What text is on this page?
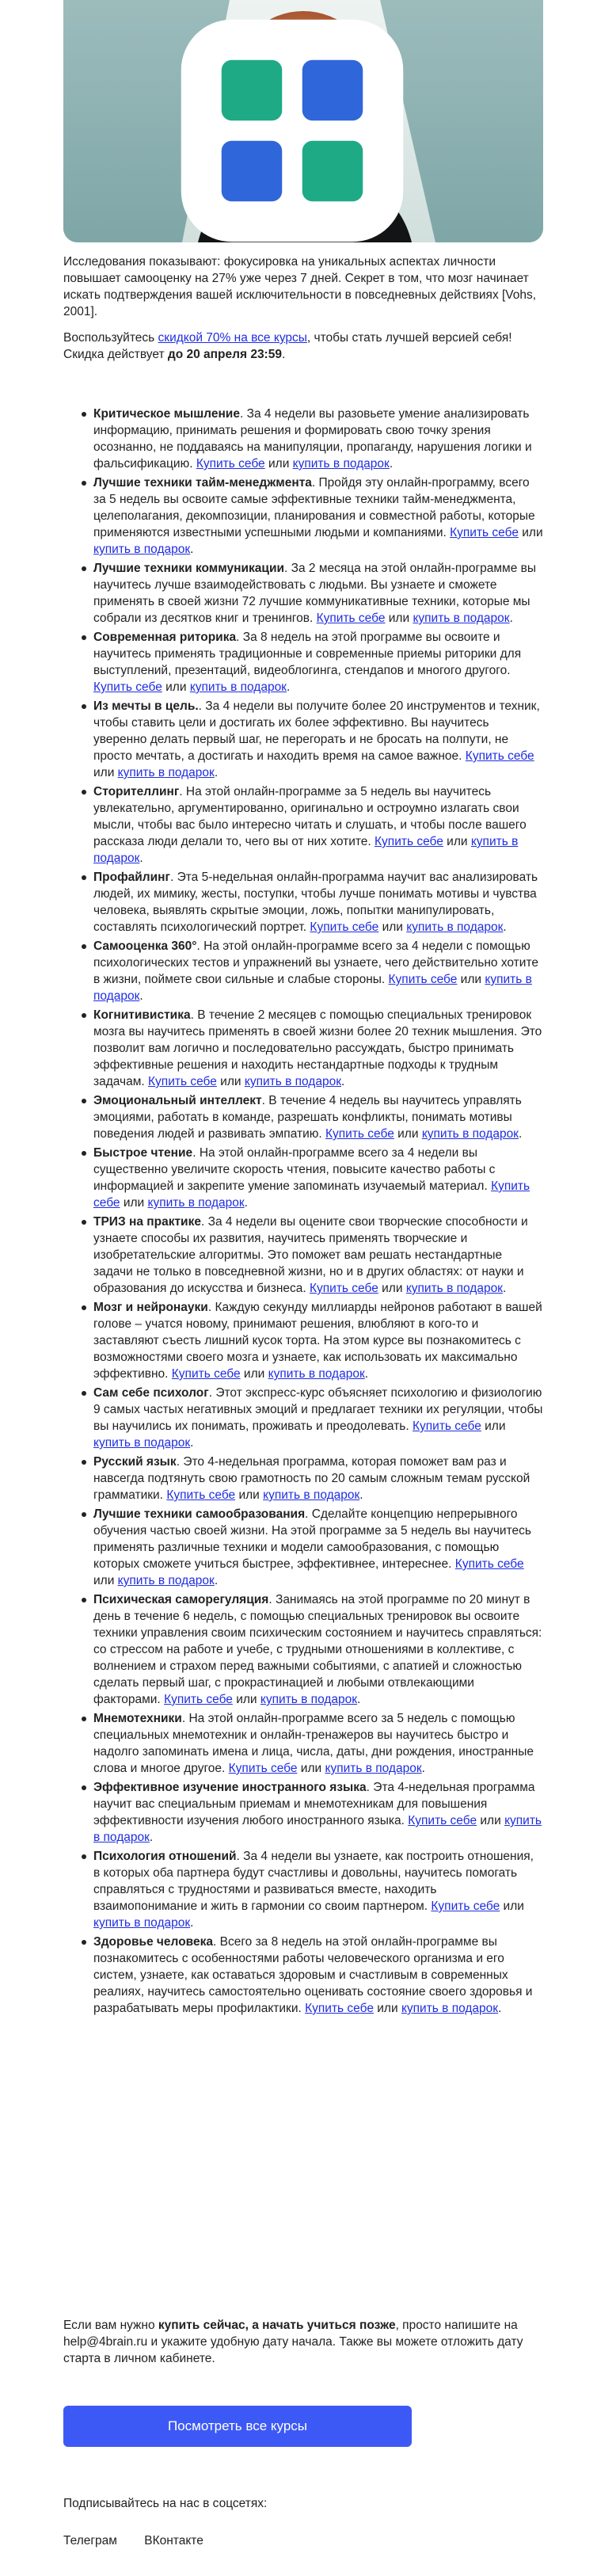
Исследования показывают: фокусировка на уникальных аспектах личности повышает самооценку на 27% уже через 7 дней. Секрет в том, что мозг начинает искать подтверждения вашей исключительности в повседневных действиях [Vohs, 2001].

Воспользуйтесь скидкой 70% на все курсы, чтобы стать лучшей версией себя! Скидка действует до 20 апреля 23:59.

Критическое мышление. За 4 недели вы разовьете умение анализировать информацию, принимать решения и формировать свою точку зрения осознанно, не поддаваясь на манипуляции, пропаганду, нарушения логики и фальсификацию. Купить себе или купить в подарок.
Лучшие техники тайм-менеджмента. Пройдя эту онлайн-программу, всего за 5 недель вы освоите самые эффективные техники тайм-менеджмента, целеполагания, декомпозиции, планирования и совместной работы, которые применяются известными успешными людьми и компаниями. Купить себе или купить в подарок.
Лучшие техники коммуникации. За 2 месяца на этой онлайн-программе вы научитесь лучше взаимодействовать с людьми. Вы узнаете и сможете применять в своей жизни 72 лучшие коммуникативные техники, которые мы собрали из десятков книг и тренингов. Купить себе или купить в подарок.
Современная риторика. За 8 недель на этой программе вы освоите и научитесь применять традиционные и современные приемы риторики для выступлений, презентаций, видеоблогинга, стендапов и многого другого. Купить себе или купить в подарок.
Из мечты в цель.. За 4 недели вы получите более 20 инструментов и техник, чтобы ставить цели и достигать их более эффективно. Вы научитесь уверенно делать первый шаг, не перегорать и не бросать на полпути, не просто мечтать, а достигать и находить время на самое важное. Купить себе или купить в подарок.
Сторителлинг. На этой онлайн-программе за 5 недель вы научитесь увлекательно, аргументированно, оригинально и остроумно излагать свои мысли, чтобы вас было интересно читать и слушать, и чтобы после вашего рассказа люди делали то, чего вы от них хотите. Купить себе или купить в подарок.
Профайлинг. Эта 5-недельная онлайн-программа научит вас анализировать людей, их мимику, жесты, поступки, чтобы лучше понимать мотивы и чувства человека, выявлять скрытые эмоции, ложь, попытки манипулировать, составлять психологический портрет. Купить себе или купить в подарок.
Самооценка 360°. На этой онлайн-программе всего за 4 недели с помощью психологических тестов и упражнений вы узнаете, чего действительно хотите в жизни, поймете свои сильные и слабые стороны. Купить себе или купить в подарок.
Когнитивистика. В течение 2 месяцев с помощью специальных тренировок мозга вы научитесь применять в своей жизни более 20 техник мышления. Это позволит вам логично и последовательно рассуждать, быстро принимать эффективные решения и находить нестандартные подходы к трудным задачам. Купить себе или купить в подарок.
Эмоциональный интеллект. В течение 4 недель вы научитесь управлять эмоциями, работать в команде, разрешать конфликты, понимать мотивы поведения людей и развивать эмпатию. Купить себе или купить в подарок.
Быстрое чтение. На этой онлайн-программе всего за 4 недели вы существенно увеличите скорость чтения, повысите качество работы с информацией и закрепите умение запоминать изучаемый материал. Купить себе или купить в подарок.
ТРИЗ на практике. За 4 недели вы оцените свои творческие способности и узнаете способы их развития, научитесь применять творческие и изобретательские алгоритмы. Это поможет вам решать нестандартные задачи не только в повседневной жизни, но и в других областях: от науки и образования до искусства и бизнеса. Купить себе или купить в подарок.
Мозг и нейронауки. Каждую секунду миллиарды нейронов работают в вашей голове – учатся новому, принимают решения, влюбляют в кого-то и заставляют съесть лишний кусок торта. На этом курсе вы познакомитесь с возможностями своего мозга и узнаете, как использовать их максимально эффективно. Купить себе или купить в подарок.
Сам себе психолог. Этот экспресс-курс объясняет психологию и физиологию 9 самых частых негативных эмоций и предлагает техники их регуляции, чтобы вы научились их понимать, проживать и преодолевать. Купить себе или купить в подарок.
Русский язык. Это 4-недельная программа, которая поможет вам раз и навсегда подтянуть свою грамотность по 20 самым сложным темам русской грамматики. Купить себе или купить в подарок.
Лучшие техники самообразования. Сделайте концепцию непрерывного обучения частью своей жизни. На этой программе за 5 недель вы научитесь применять различные техники и модели самообразования, с помощью которых сможете учиться быстрее, эффективнее, интереснее. Купить себе или купить в подарок.
Психическая саморегуляция. Занимаясь на этой программе по 20 минут в день в течение 6 недель, с помощью специальных тренировок вы освоите техники управления своим психическим состоянием и научитесь справляться: со стрессом на работе и учебе, с трудными отношениями в коллективе, с волнением и страхом перед важными событиями, с апатией и сложностью сделать первый шаг, с прокрастинацией и любыми отвлекающими факторами. Купить себе или купить в подарок.
Мнемотехники. На этой онлайн-программе всего за 5 недель с помощью специальных мнемотехник и онлайн-тренажеров вы научитесь быстро и надолго запоминать имена и лица, числа, даты, дни рождения, иностранные слова и многое другое. Купить себе или купить в подарок.
Эффективное изучение иностранного языка. Эта 4-недельная программа научит вас специальным приемам и мнемотехникам для повышения эффективности изучения любого иностранного языка. Купить себе или купить в подарок.
Психология отношений. За 4 недели вы узнаете, как построить отношения, в которых оба партнера будут счастливы и довольны, научитесь помогать справляться с трудностями и развиваться вместе, находить взаимопонимание и жить в гармонии со своим партнером. Купить себе или купить в подарок.
Здоровье человека. Всего за 8 недель на этой онлайн-программе вы познакомитесь с особенностями работы человеческого организма и его систем, узнаете, как оставаться здоровым и счастливым в современных реалиях, научитесь самостоятельно оценивать состояние своего здоровья и разрабатывать меры профилактики. Купить себе или купить в подарок.

Если вам нужно купить сейчас, а начать учиться позже, просто напишите на help@4brain.ru и укажите удобную дату начала. Также вы можете отложить дату старта в личном кабинете.

Посмотреть все курсы

Подписывайтесь на нас в соцсетях:

Телеграм ВКонтакте
